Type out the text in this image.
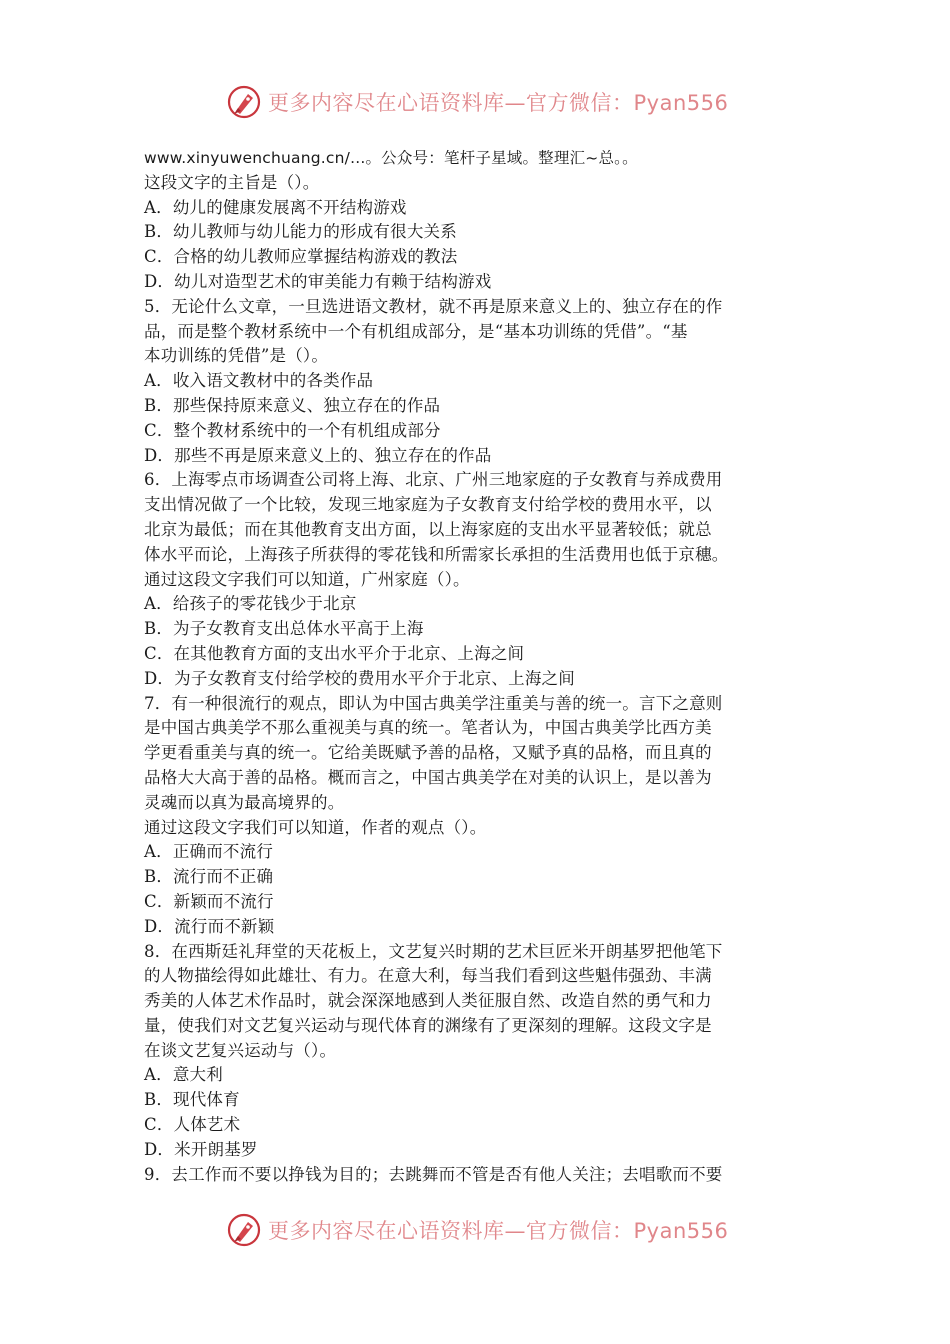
更多内容尽在心语资料库—官方微信：Pyan556
www.xinyuwenchuang.cn/...。公众号：笔杆子星域。整理汇~总。。
这段文字的主旨是（）。
A．幼儿的健康发展离不开结构游戏
B．幼儿教师与幼儿能力的形成有很大关系
C．合格的幼儿教师应掌握结构游戏的教法
D．幼儿对造型艺术的审美能力有赖于结构游戏
5．无论什么文章，一旦选进语文教材，就不再是原来意义上的、独立存在的作
品，而是整个教材系统中一个有机组成部分，是“基本功训练的凭借”。“基
本功训练的凭借”是（）。
A．收入语文教材中的各类作品
B．那些保持原来意义、独立存在的作品
C．整个教材系统中的一个有机组成部分
D．那些不再是原来意义上的、独立存在的作品
6．上海零点市场调查公司将上海、北京、广州三地家庭的子女教育与养成费用
支出情况做了一个比较，发现三地家庭为子女教育支付给学校的费用水平，以
北京为最低；而在其他教育支出方面，以上海家庭的支出水平显著较低；就总
体水平而论，上海孩子所获得的零花钱和所需家长承担的生活费用也低于京穗。
通过这段文字我们可以知道，广州家庭（）。
A．给孩子的零花钱少于北京
B．为子女教育支出总体水平高于上海
C．在其他教育方面的支出水平介于北京、上海之间
D．为子女教育支付给学校的费用水平介于北京、上海之间
7．有一种很流行的观点，即认为中国古典美学注重美与善的统一。言下之意则
是中国古典美学不那么重视美与真的统一。笔者认为，中国古典美学比西方美
学更看重美与真的统一。它给美既赋予善的品格，又赋予真的品格，而且真的
品格大大高于善的品格。概而言之，中国古典美学在对美的认识上，是以善为
灵魂而以真为最高境界的。
通过这段文字我们可以知道，作者的观点（）。
A．正确而不流行
B．流行而不正确
C．新颖而不流行
D．流行而不新颖
8．在西斯廷礼拜堂的天花板上，文艺复兴时期的艺术巨匠米开朗基罗把他笔下
的人物描绘得如此雄壮、有力。在意大利，每当我们看到这些魁伟强劲、丰满
秀美的人体艺术作品时，就会深深地感到人类征服自然、改造自然的勇气和力
量，使我们对文艺复兴运动与现代体育的渊缘有了更深刻的理解。这段文字是
在谈文艺复兴运动与（）。
A．意大利
B．现代体育
C．人体艺术
D．米开朗基罗
9．去工作而不要以挣钱为目的；去跳舞而不管是否有他人关注；去唱歌而不要
更多内容尽在心语资料库—官方微信：Pyan556
